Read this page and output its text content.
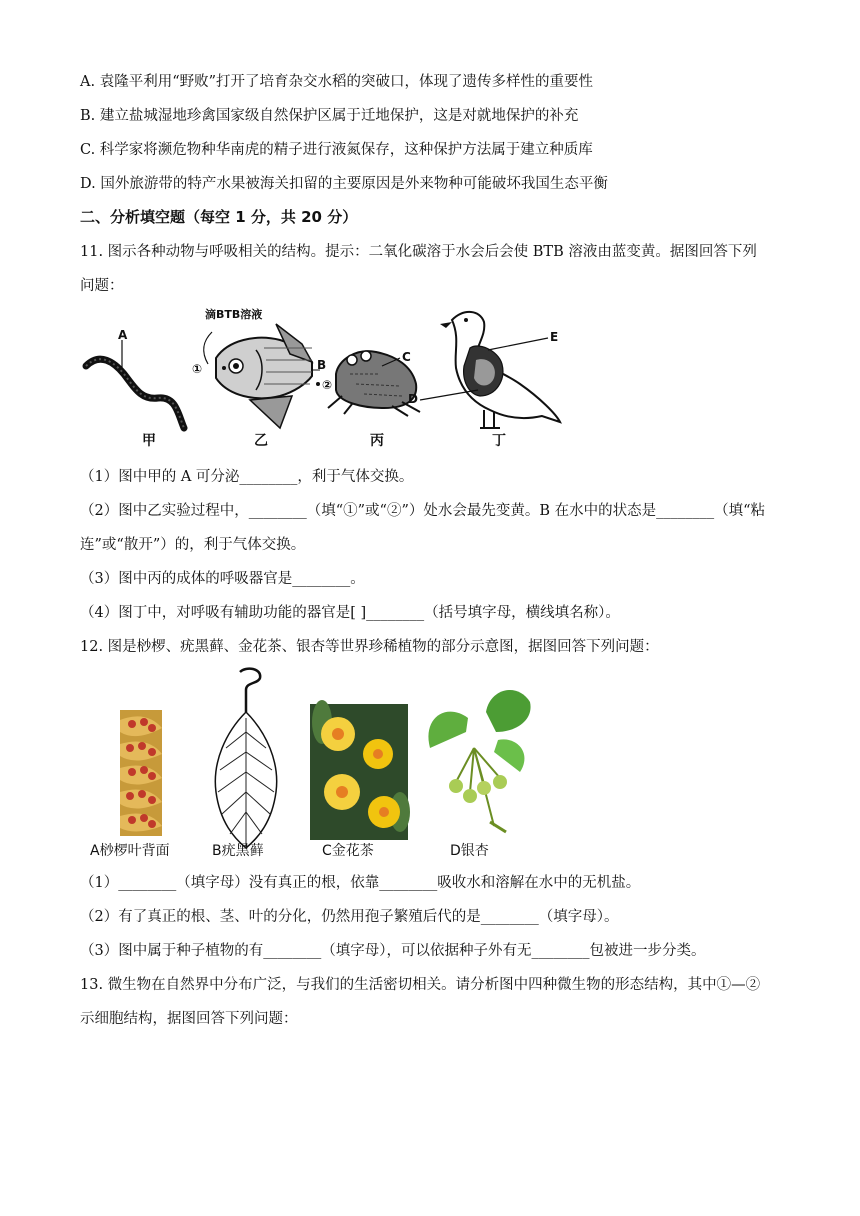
A. 袁隆平利用“野败”打开了培育杂交水稻的突破口，体现了遗传多样性的重要性
B. 建立盐城湿地珍禽国家级自然保护区属于迁地保护，这是对就地保护的补充
C. 科学家将濒危物种华南虎的精子进行液氮保存，这种保护方法属于建立种质库
D. 国外旅游带的特产水果被海关扣留的主要原因是外来物种可能破坏我国生态平衡
二、分析填空题（每空 1 分，共 20 分）
11. 图示各种动物与呼吸相关的结构。提示：二氧化碳溶于水会后会使 BTB 溶液由蓝变黄。据图回答下列
问题：
滴BTB溶液
A
①	B
②
C
E
D
甲	乙	丙	丁
（1）图中甲的 A 可分泌________，利于气体交换。
（2）图中乙实验过程中，________（填“①”或“②”）处水会最先变黄。B 在水中的状态是________（填“粘
连”或“散开”）的，利于气体交换。
（3）图中丙的成体的呼吸器官是________。
（4）图丁中，对呼吸有辅助功能的器官是[ ]________（括号填字母，横线填名称）。
12. 图是桫椤、疣黑藓、金花茶、银杏等世界珍稀植物的部分示意图，据图回答下列问题：
A桫椤叶背面	B疣黑藓	C金花茶	D银杏
（1）________（填字母）没有真正的根，依靠________吸收水和溶解在水中的无机盐。
（2）有了真正的根、茎、叶的分化，仍然用孢子繁殖后代的是________（填字母）。
（3）图中属于种子植物的有________（填字母），可以依据种子外有无________包被进一步分类。
13. 微生物在自然界中分布广泛，与我们的生活密切相关。请分析图中四种微生物的形态结构，其中①—②
示细胞结构，据图回答下列问题：
